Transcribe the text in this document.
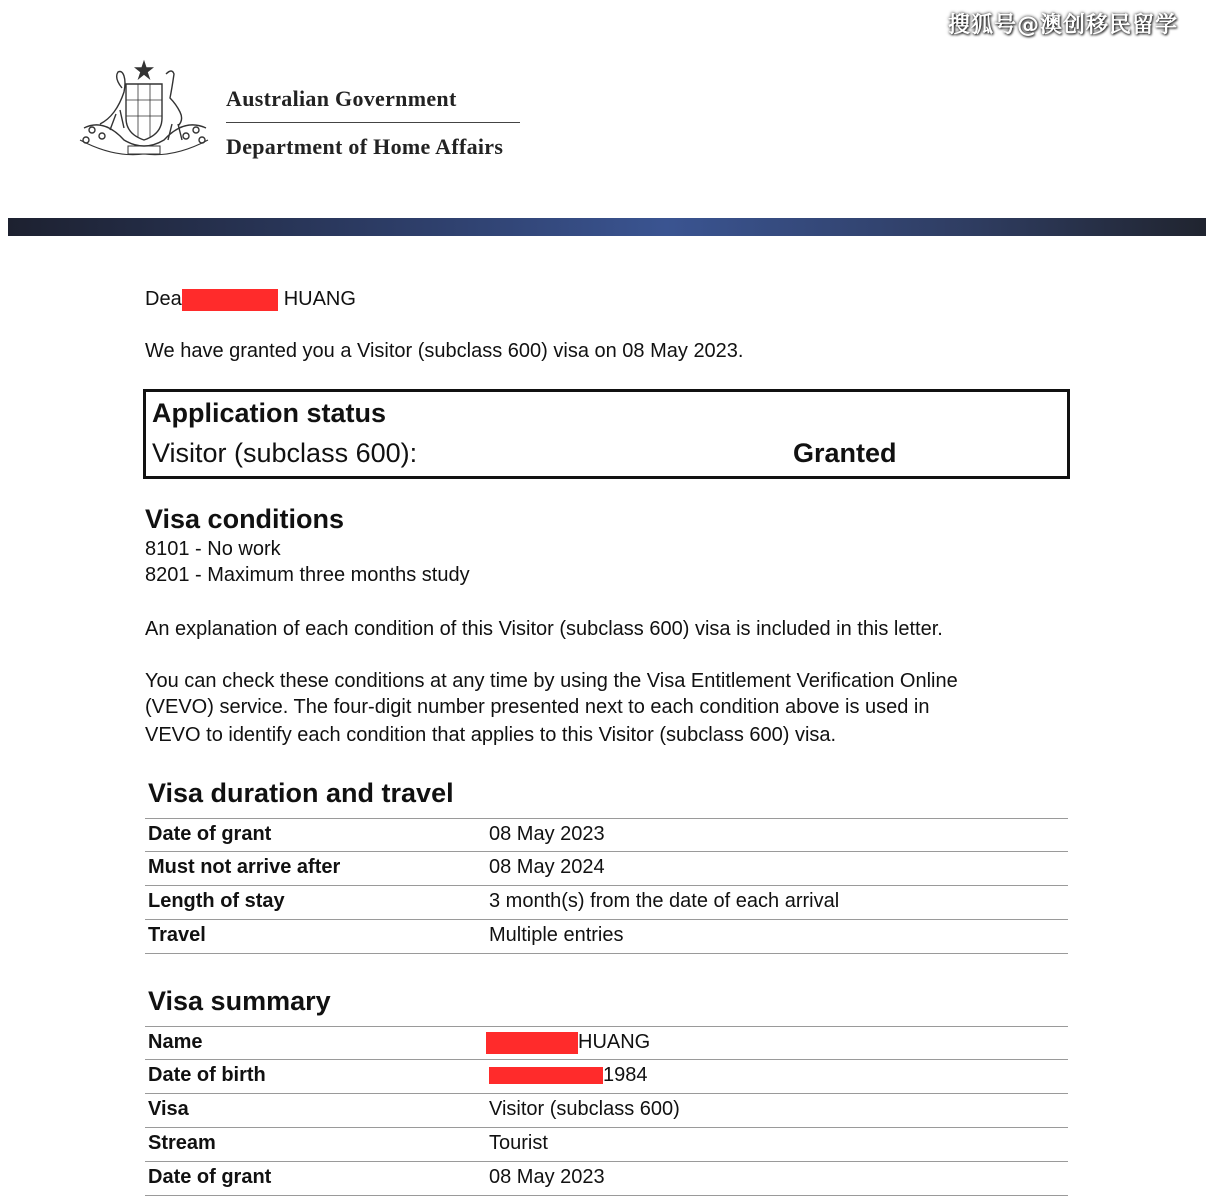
搜狐号@澳创移民留学
Australian Government
Department of Home Affairs
Dea	HUANG
We have granted you a Visitor (subclass 600) visa on 08 May 2023.
Application status
Visitor (subclass 600):	Granted
Visa conditions
8101 - No work
8201 - Maximum three months study
An explanation of each condition of this Visitor (subclass 600) visa is included in this letter.
You can check these conditions at any time by using the Visa Entitlement Verification Online
(VEVO) service. The four-digit number presented next to each condition above is used in
VEVO to identify each condition that applies to this Visitor (subclass 600) visa.
Visa duration and travel
Date of grant	08 May 2023
Must not arrive after	08 May 2024
Length of stay	3 month(s) from the date of each arrival
Travel	Multiple entries
Visa summary
Name	HUANG
Date of birth	1984
Visa	Visitor (subclass 600)
Stream	Tourist
Date of grant	08 May 2023
